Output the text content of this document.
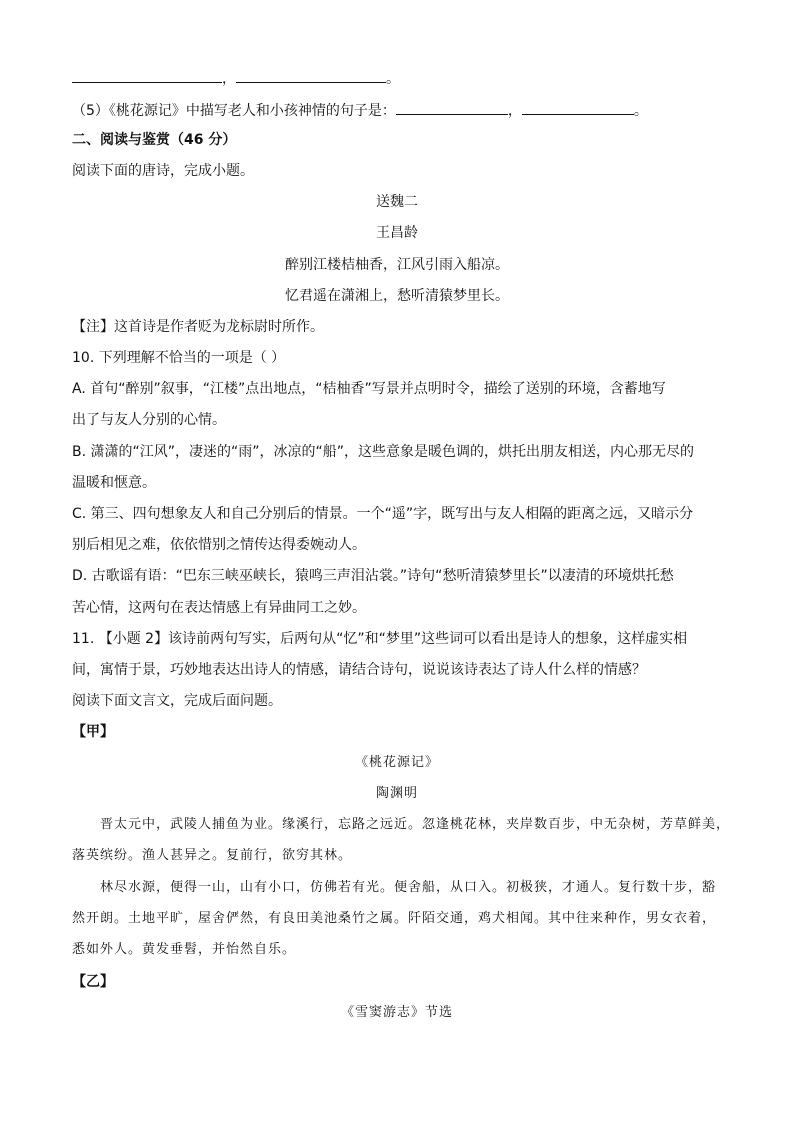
，	。
（5）《桃花源记》中描写老人和小孩神情的句子是：	，	。
二、阅读与鉴赏（46 分）
阅读下面的唐诗，完成小题。
送魏二
王昌龄
醉别江楼桔柚香，江风引雨入船凉。
忆君遥在潇湘上，愁听清猿梦里长。
【注】这首诗是作者贬为龙标尉时所作。
10. 下列理解不恰当的一项是（ ）
A. 首句“醉别”叙事，“江楼”点出地点，“桔柚香”写景并点明时令，描绘了送别的环境，含蓄地写
出了与友人分别的心情。
B. 潇潇的“江风”，凄迷的“雨”，冰凉的“船”，这些意象是暖色调的，烘托出朋友相送，内心那无尽的
温暖和惬意。
C. 第三、四句想象友人和自己分别后的情景。一个“遥”字，既写出与友人相隔的距离之远，又暗示分
别后相见之难，依依惜别之情传达得委婉动人。
D. 古歌谣有语：“巴东三峡巫峡长，猿鸣三声泪沾裳。”诗句“愁听清猿梦里长”以凄清的环境烘托愁
苦心情，这两句在表达情感上有异曲同工之妙。
11. 【小题 2】该诗前两句写实，后两句从“忆”和“梦里”这些词可以看出是诗人的想象，这样虚实相
间，寓情于景，巧妙地表达出诗人的情感，请结合诗句，说说该诗表达了诗人什么样的情感？
阅读下面文言文，完成后面问题。
【甲】
《桃花源记》
陶渊明
晋太元中，武陵人捕鱼为业。缘溪行，忘路之远近。忽逢桃花林，夹岸数百步，中无杂树，芳草鲜美，
落英缤纷。渔人甚异之。复前行，欲穷其林。
林尽水源，便得一山，山有小口，仿佛若有光。便舍船，从口入。初极狭，才通人。复行数十步，豁
然开朗。土地平旷，屋舍俨然，有良田美池桑竹之属。阡陌交通，鸡犬相闻。其中往来种作，男女衣着，
悉如外人。黄发垂髫，并怡然自乐。
【乙】
《雪窦游志》节选
